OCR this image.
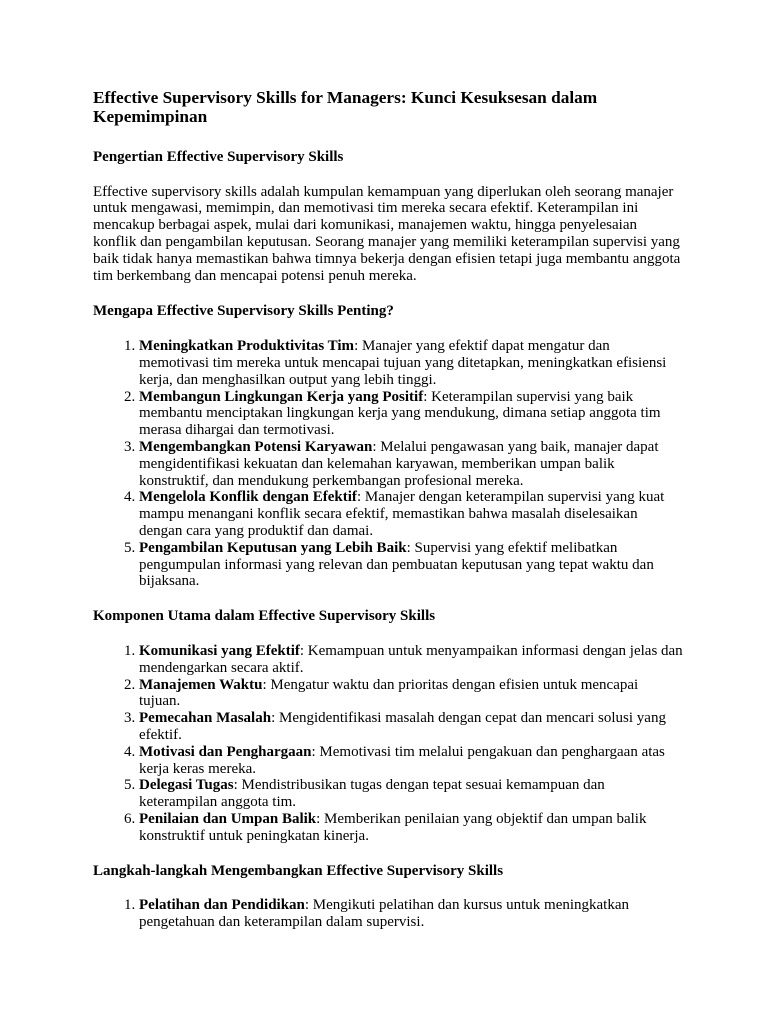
Effective Supervisory Skills for Managers: Kunci Kesuksesan dalam Kepemimpinan
Pengertian Effective Supervisory Skills

Effective supervisory skills adalah kumpulan kemampuan yang diperlukan oleh seorang manajer untuk mengawasi, memimpin, dan memotivasi tim mereka secara efektif. Keterampilan ini mencakup berbagai aspek, mulai dari komunikasi, manajemen waktu, hingga penyelesaian konflik dan pengambilan keputusan. Seorang manajer yang memiliki keterampilan supervisi yang baik tidak hanya memastikan bahwa timnya bekerja dengan efisien tetapi juga membantu anggota tim berkembang dan mencapai potensi penuh mereka.

Mengapa Effective Supervisory Skills Penting?
1. Meningkatkan Produktivitas Tim: Manajer yang efektif dapat mengatur dan memotivasi tim mereka untuk mencapai tujuan yang ditetapkan, meningkatkan efisiensi kerja, dan menghasilkan output yang lebih tinggi.
2. Membangun Lingkungan Kerja yang Positif: Keterampilan supervisi yang baik membantu menciptakan lingkungan kerja yang mendukung, dimana setiap anggota tim merasa dihargai dan termotivasi.
3. Mengembangkan Potensi Karyawan: Melalui pengawasan yang baik, manajer dapat mengidentifikasi kekuatan dan kelemahan karyawan, memberikan umpan balik konstruktif, dan mendukung perkembangan profesional mereka.
4. Mengelola Konflik dengan Efektif: Manajer dengan keterampilan supervisi yang kuat mampu menangani konflik secara efektif, memastikan bahwa masalah diselesaikan dengan cara yang produktif dan damai.
5. Pengambilan Keputusan yang Lebih Baik: Supervisi yang efektif melibatkan pengumpulan informasi yang relevan dan pembuatan keputusan yang tepat waktu dan bijaksana.
Komponen Utama dalam Effective Supervisory Skills
1. Komunikasi yang Efektif: Kemampuan untuk menyampaikan informasi dengan jelas dan mendengarkan secara aktif.
2. Manajemen Waktu: Mengatur waktu dan prioritas dengan efisien untuk mencapai tujuan.
3. Pemecahan Masalah: Mengidentifikasi masalah dengan cepat dan mencari solusi yang efektif.
4. Motivasi dan Penghargaan: Memotivasi tim melalui pengakuan dan penghargaan atas kerja keras mereka.
5. Delegasi Tugas: Mendistribusikan tugas dengan tepat sesuai kemampuan dan keterampilan anggota tim.
6. Penilaian dan Umpan Balik: Memberikan penilaian yang objektif dan umpan balik konstruktif untuk peningkatan kinerja.
Langkah-langkah Mengembangkan Effective Supervisory Skills
1. Pelatihan dan Pendidikan: Mengikuti pelatihan dan kursus untuk meningkatkan pengetahuan dan keterampilan dalam supervisi.
